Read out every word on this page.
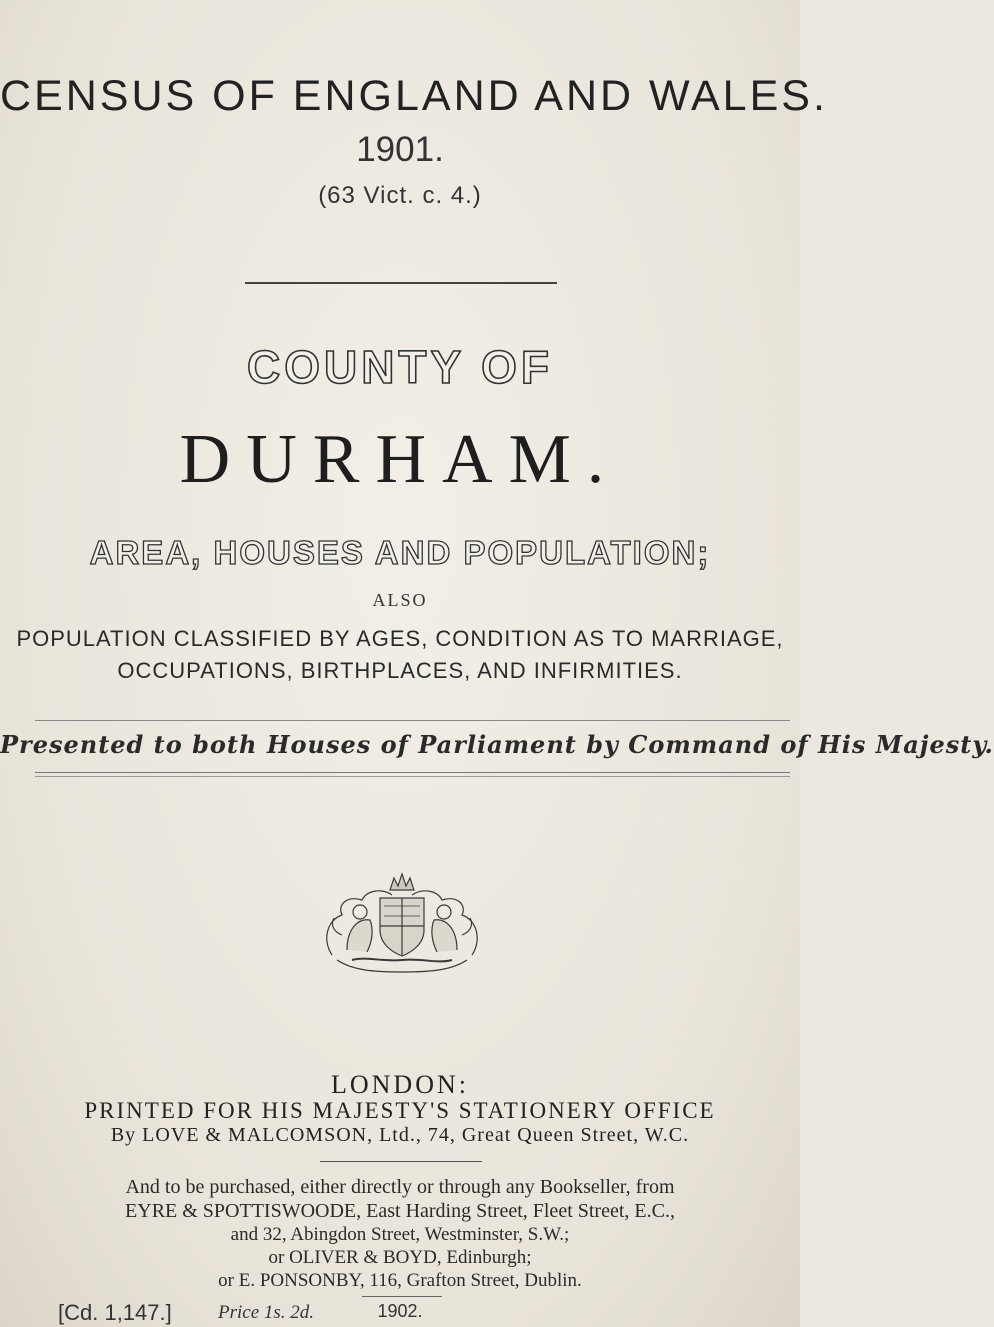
CENSUS OF ENGLAND AND WALES.
1901.
(63 Vict. c. 4.)
COUNTY OF
DURHAM.
AREA, HOUSES AND POPULATION;
ALSO
POPULATION CLASSIFIED BY AGES, CONDITION AS TO MARRIAGE,
OCCUPATIONS, BIRTHPLACES, AND INFIRMITIES.
Presented to both Houses of Parliament by Command of His Majesty.
LONDON:
PRINTED FOR HIS MAJESTY'S STATIONERY OFFICE
By LOVE & MALCOMSON, Ltd., 74, Great Queen Street, W.C.
And to be purchased, either directly or through any Bookseller, from
EYRE & SPOTTISWOODE, East Harding Street, Fleet Street, E.C.,
and 32, Abingdon Street, Westminster, S.W.;
or OLIVER & BOYD, Edinburgh;
or E. PONSONBY, 116, Grafton Street, Dublin.
1902.
[Cd. 1,147.] Price 1s. 2d.
